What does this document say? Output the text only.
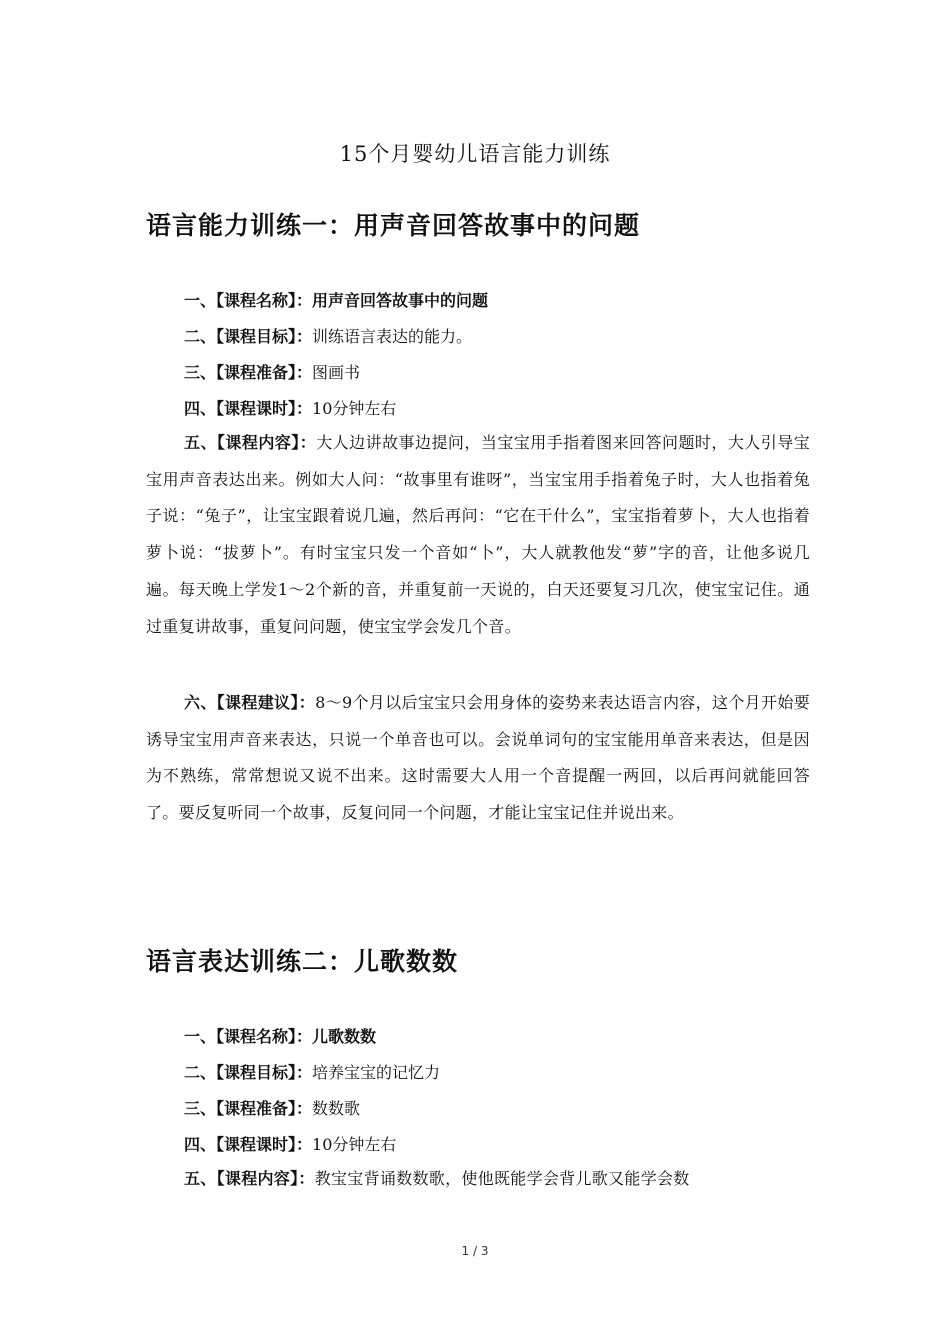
15个月婴幼儿语言能力训练
语言能力训练一：用声音回答故事中的问题
一、【课程名称】：用声音回答故事中的问题
二、【课程目标】：训练语言表达的能力。
三、【课程准备】：图画书
四、【课程课时】：10分钟左右
五、【课程内容】：大人边讲故事边提问，当宝宝用手指着图来回答问题时，大人引导宝宝用声音表达出来。例如大人问：“故事里有谁呀”，当宝宝用手指着兔子时，大人也指着兔子说：“兔子”，让宝宝跟着说几遍，然后再问：“它在干什么”，宝宝指着萝卜，大人也指着萝卜说：“拔萝卜”。有时宝宝只发一个音如“卜”，大人就教他发“萝”字的音，让他多说几遍。每天晚上学发1～2个新的音，并重复前一天说的，白天还要复习几次，使宝宝记住。通过重复讲故事，重复问问题，使宝宝学会发几个音。
六、【课程建议】：8～9个月以后宝宝只会用身体的姿势来表达语言内容，这个月开始要诱导宝宝用声音来表达，只说一个单音也可以。会说单词句的宝宝能用单音来表达，但是因为不熟练，常常想说又说不出来。这时需要大人用一个音提醒一两回，以后再问就能回答了。要反复听同一个故事，反复问同一个问题，才能让宝宝记住并说出来。
语言表达训练二：儿歌数数
一、【课程名称】：儿歌数数
二、【课程目标】：培养宝宝的记忆力
三、【课程准备】：数数歌
四、【课程课时】：10分钟左右
五、【课程内容】：教宝宝背诵数数歌，使他既能学会背儿歌又能学会数
1 / 3
